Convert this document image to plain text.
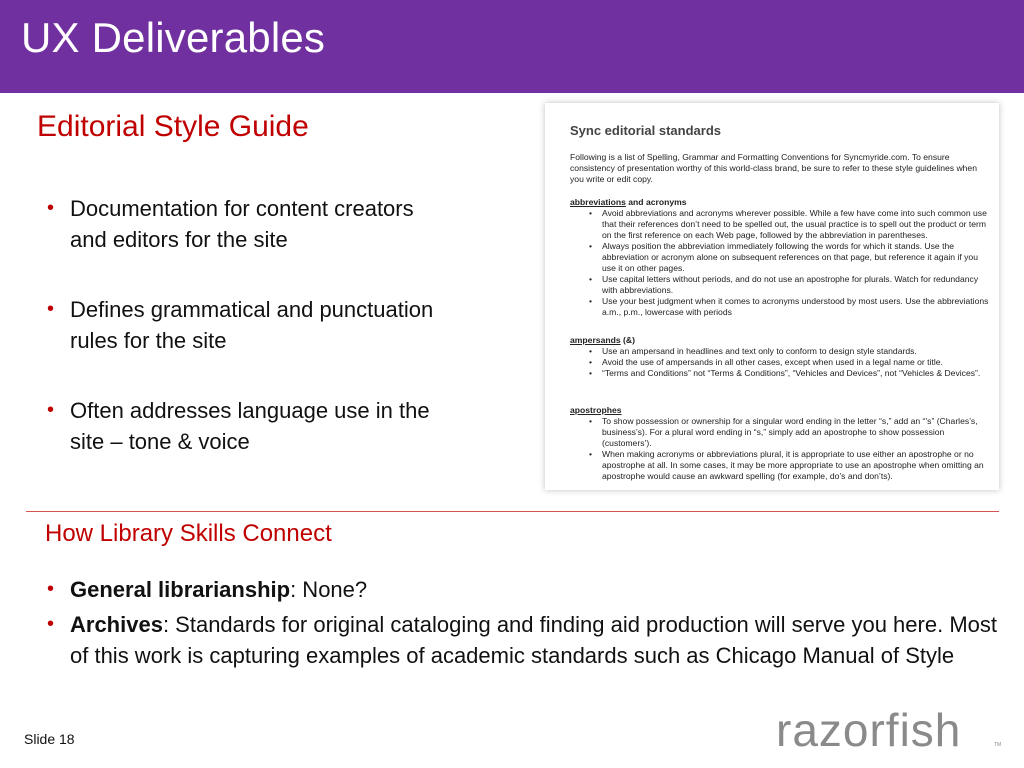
UX Deliverables
Editorial Style Guide
• Documentation for content creators and editors for the site
• Defines grammatical and punctuation rules for the site
• Often addresses language use in the site – tone & voice
Sync editorial standards
Following is a list of Spelling, Grammar and Formatting Conventions for Syncmyride.com. To ensure consistency of presentation worthy of this world-class brand, be sure to refer to these style guidelines when you write or edit copy.
abbreviations and acronyms
• Avoid abbreviations and acronyms wherever possible. While a few have come into such common use that their references don’t need to be spelled out, the usual practice is to spell out the product or term on the first reference on each Web page, followed by the abbreviation in parentheses.
• Always position the abbreviation immediately following the words for which it stands. Use the abbreviation or acronym alone on subsequent references on that page, but reference it again if you use it on other pages.
• Use capital letters without periods, and do not use an apostrophe for plurals. Watch for redundancy with abbreviations.
• Use your best judgment when it comes to acronyms understood by most users. Use the abbreviations a.m., p.m., lowercase with periods
ampersands (&)
• Use an ampersand in headlines and text only to conform to design style standards.
• Avoid the use of ampersands in all other cases, except when used in a legal name or title.
• “Terms and Conditions” not “Terms & Conditions”, “Vehicles and Devices”, not “Vehicles & Devices”.
apostrophes
• To show possession or ownership for a singular word ending in the letter “s,” add an “’s” (Charles’s, business’s). For a plural word ending in “s,” simply add an apostrophe to show possession (customers’).
• When making acronyms or abbreviations plural, it is appropriate to use either an apostrophe or no apostrophe at all. In some cases, it may be more appropriate to use an apostrophe when omitting an apostrophe would cause an awkward spelling (for example, do’s and don’ts).
How Library Skills Connect
• General librarianship: None?
• Archives: Standards for original cataloging and finding aid production will serve you here. Most of this work is capturing examples of academic standards such as Chicago Manual of Style
Slide 18	razorfish	TM
